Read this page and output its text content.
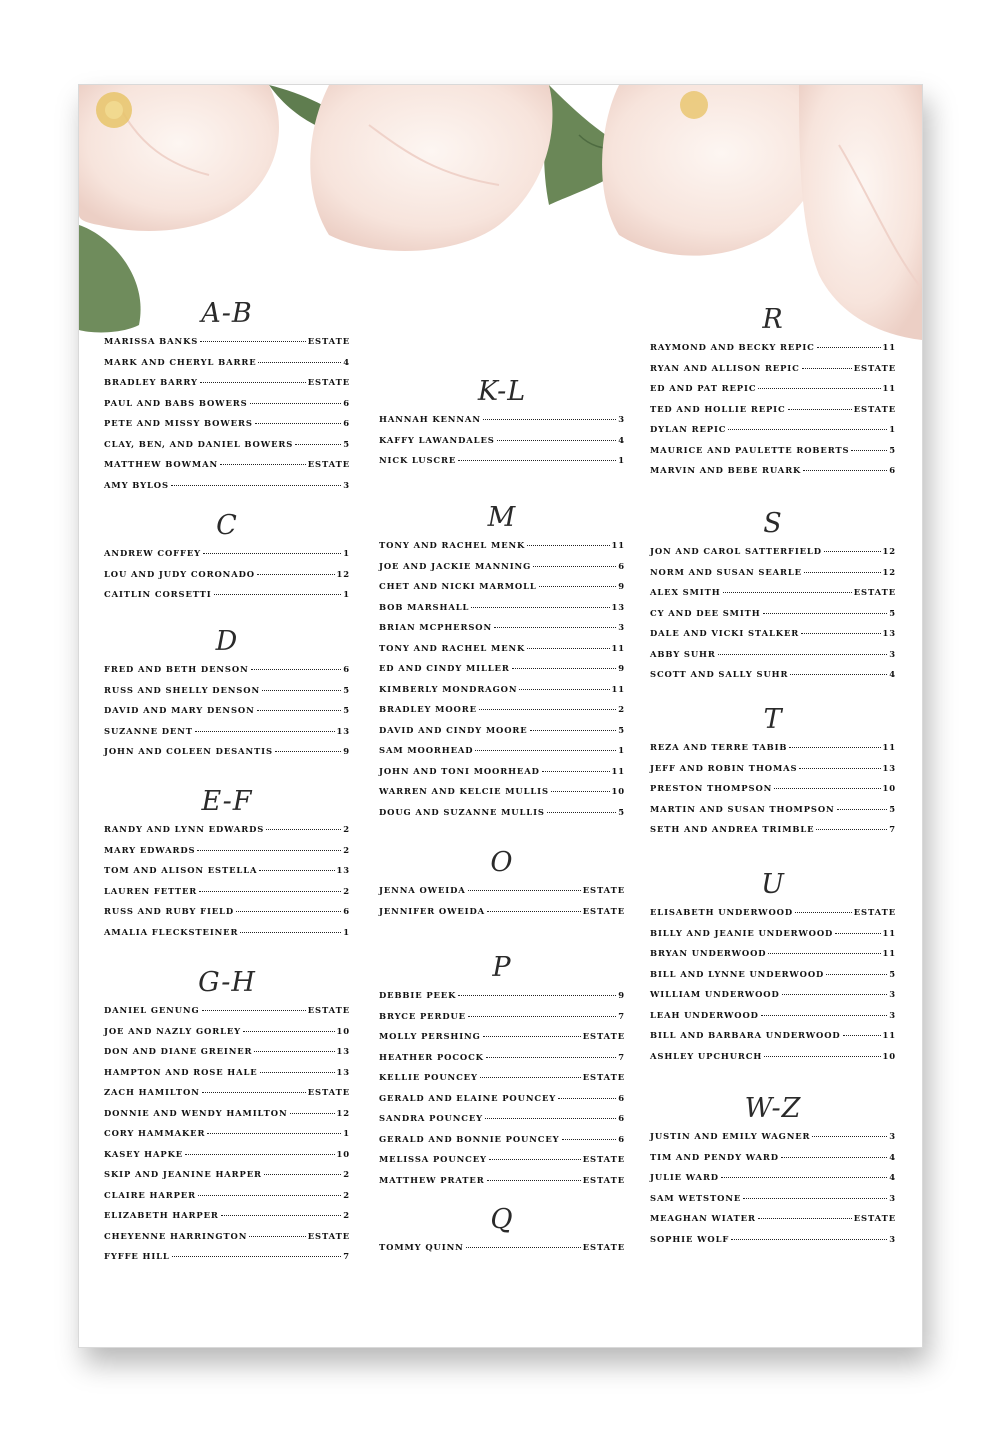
A-B
MARISSA BANKS	ESTATE
MARK AND CHERYL BARRE	4
BRADLEY BARRY	ESTATE
PAUL AND BABS BOWERS	6
PETE AND MISSY BOWERS	6
CLAY, BEN, AND DANIEL BOWERS	5
MATTHEW BOWMAN	ESTATE
AMY BYLOS	3
C
ANDREW COFFEY	1
LOU AND JUDY CORONADO	12
CAITLIN CORSETTI	1
D
FRED AND BETH DENSON	6
RUSS AND SHELLY DENSON	5
DAVID AND MARY DENSON	5
SUZANNE DENT	13
JOHN AND COLEEN DESANTIS	9
E-F
RANDY AND LYNN EDWARDS	2
MARY EDWARDS	2
TOM AND ALISON ESTELLA	13
LAUREN FETTER	2
RUSS AND RUBY FIELD	6
AMALIA FLECKSTEINER	1
G-H
DANIEL GENUNG	ESTATE
JOE AND NAZLY GORLEY	10
DON AND DIANE GREINER	13
HAMPTON AND ROSE HALE	13
ZACH HAMILTON	ESTATE
DONNIE AND WENDY HAMILTON	12
CORY HAMMAKER	1
KASEY HAPKE	10
SKIP AND JEANINE HARPER	2
CLAIRE HARPER	2
ELIZABETH HARPER	2
CHEYENNE HARRINGTON	ESTATE
FYFFE HILL	7
K-L
HANNAH KENNAN	3
KAFFY LAWANDALES	4
NICK LUSCRE	1
M
TONY AND RACHEL MENK	11
JOE AND JACKIE MANNING	6
CHET AND NICKI MARMOLL	9
BOB MARSHALL	13
BRIAN MCPHERSON	3
TONY AND RACHEL MENK	11
ED AND CINDY MILLER	9
KIMBERLY MONDRAGON	11
BRADLEY MOORE	2
DAVID AND CINDY MOORE	5
SAM MOORHEAD	1
JOHN AND TONI MOORHEAD	11
WARREN AND KELCIE MULLIS	10
DOUG AND SUZANNE MULLIS	5
O
JENNA OWEIDA	ESTATE
JENNIFER OWEIDA	ESTATE
P
DEBBIE PEEK	9
BRYCE PERDUE	7
MOLLY PERSHING	ESTATE
HEATHER POCOCK	7
KELLIE POUNCEY	ESTATE
GERALD AND ELAINE POUNCEY	6
SANDRA POUNCEY	6
GERALD AND BONNIE POUNCEY	6
MELISSA POUNCEY	ESTATE
MATTHEW PRATER	ESTATE
Q
TOMMY QUINN	ESTATE
R
RAYMOND AND BECKY REPIC	11
RYAN AND ALLISON REPIC	ESTATE
ED AND PAT REPIC	11
TED AND HOLLIE REPIC	ESTATE
DYLAN REPIC	1
MAURICE AND PAULETTE ROBERTS	5
MARVIN AND BEBE RUARK	6
S
JON AND CAROL SATTERFIELD	12
NORM AND SUSAN SEARLE	12
ALEX SMITH	ESTATE
CY AND DEE SMITH	5
DALE AND VICKI STALKER	13
ABBY SUHR	3
SCOTT AND SALLY SUHR	4
T
REZA AND TERRE TABIB	11
JEFF AND ROBIN THOMAS	13
PRESTON THOMPSON	10
MARTIN AND SUSAN THOMPSON	5
SETH AND ANDREA TRIMBLE	7
U
ELISABETH UNDERWOOD	ESTATE
BILLY AND JEANIE UNDERWOOD	11
BRYAN UNDERWOOD	11
BILL AND LYNNE UNDERWOOD	5
WILLIAM UNDERWOOD	3
LEAH UNDERWOOD	3
BILL AND BARBARA UNDERWOOD	11
ASHLEY UPCHURCH	10
W-Z
JUSTIN AND EMILY WAGNER	3
TIM AND PENDY WARD	4
JULIE WARD	4
SAM WETSTONE	3
MEAGHAN WIATER	ESTATE
SOPHIE WOLF	3
